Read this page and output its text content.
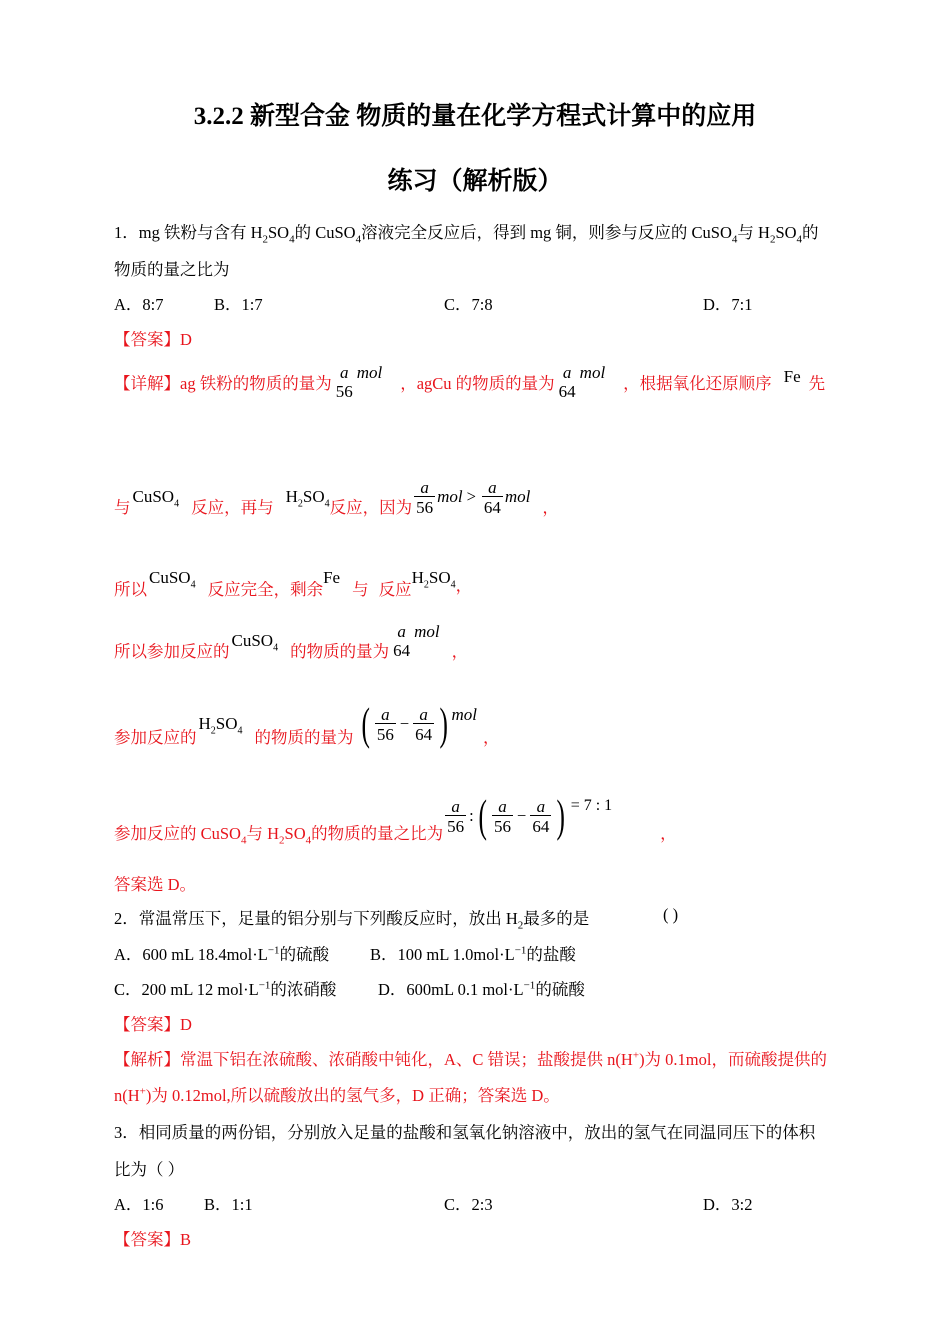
3.2.2 新型合金 物质的量在化学方程式计算中的应用
练习（解析版）
1．mg 铁粉与含有 $H_2SO_4$的 CuSO$_4$溶液完全反应后，得到 mg 铜，则参与反应的 CuSO$_4$与 $H_2SO_4$的
物质的量之比为
A．8:7	B．1:7	C．7:8	D．7:1
【答案】D
【详解】ag 铁粉的物质的量为
a
56
mol
，agCu 的物质的量为
a
64
mol
，根据氧化还原顺序 Fe 先
与
CuSO$_4$ 反应，再与
$H_2SO_4$ 反应，因为 $\frac{a}{56}$ mol > $\frac{a}{64}$ mol
，
所以
CuSO$_4$ 反应完全，剩余
Fe
与 反应
$H_2SO_4$ ，
所以参加反应的
CuSO$_4$ 的物质的量为
a
64
mol
，
参加反应的
$H_2SO_4$ 的物质的量为 ( $\frac{a}{56} - \frac{a}{64}$ ) mol
，
参加反应的 CuSO$_4$与 $H_2SO_4$的物质的量之比为 $\frac{a}{56}$ : ( $\frac{a}{56} - \frac{a}{64}$ ) = 7 : 1
，
答案选 D。
2．常温常压下，足量的铝分别与下列酸反应时，放出 $H_2$最多的是	( )
A．600 mL $18.4mol\cdot L^{-1}$的硫酸 B．100 mL $1.0mol\cdot L^{-1}$的盐酸
C．200 mL 12 $mol\cdot L^{-1}$的浓硝酸	D．600mL 0.1 $mol\cdot L^{-1}$的硫酸
【答案】D
【解析】常温下铝在浓硫酸、浓硝酸中钝化，A、C 错误；盐酸提供 n(H+)为 0.1mol，而硫酸提供的
n(H+)为 0.12mol,所以硫酸放出的氢气多，D 正确；答案选 D。
3．相同质量的两份铝，分别放入足量的盐酸和氢氧化钠溶液中，放出的氢气在同温同压下的体积
比为（ ）
A．1:6 B．1:1	C．2:3	D．3:2
【答案】B
